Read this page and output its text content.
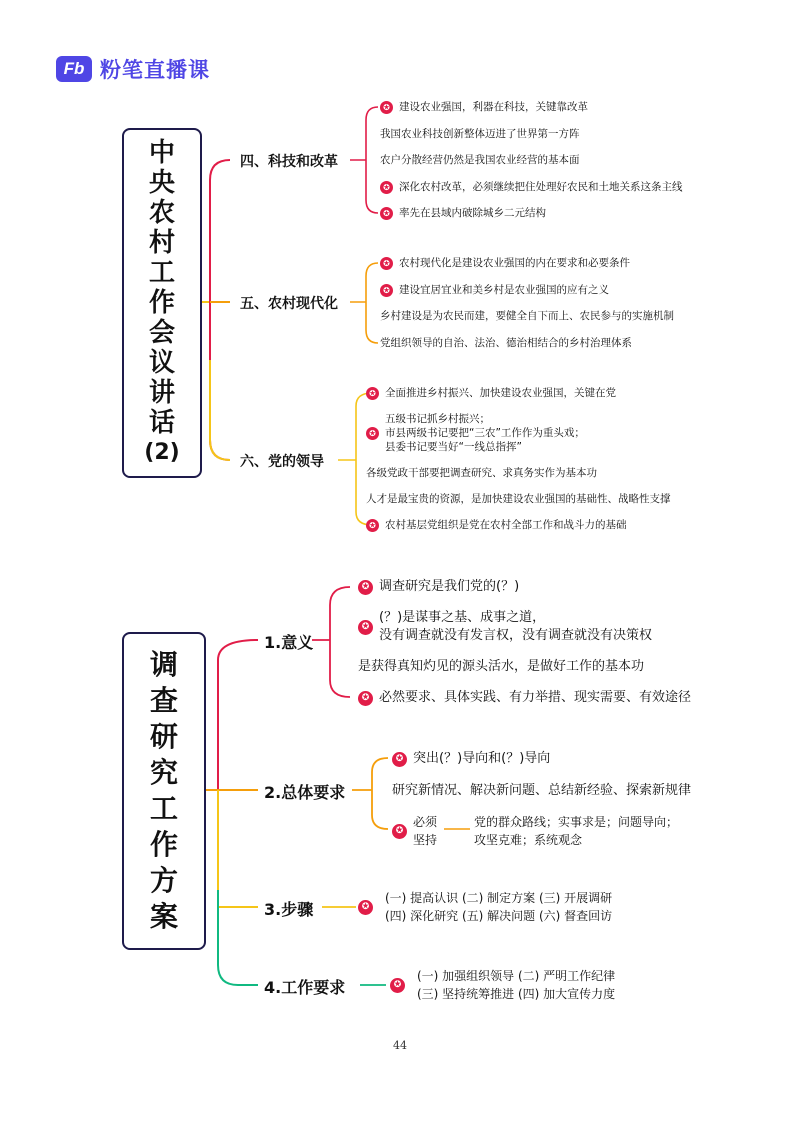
Fb 粉笔直播课
中
央
农
村
工
作
会
议
讲
话
(2)
四、科技和改革
五、农村现代化
六、党的领导
✪ 建设农业强国，利器在科技，关键靠改革
我国农业科技创新整体迈进了世界第一方阵
农户分散经营仍然是我国农业经营的基本面
✪ 深化农村改革，必须继续把住处理好农民和土地关系这条主线
✪ 率先在县域内破除城乡二元结构
✪ 农村现代化是建设农业强国的内在要求和必要条件
✪ 建设宜居宜业和美乡村是农业强国的应有之义
乡村建设是为农民而建，要健全自下而上、农民参与的实施机制
党组织领导的自治、法治、德治相结合的乡村治理体系
✪ 全面推进乡村振兴、加快建设农业强国，关键在党
✪
五级书记抓乡村振兴；
市县两级书记要把“三农”工作作为重头戏；
县委书记要当好“一线总指挥”
各级党政干部要把调查研究、求真务实作为基本功
人才是最宝贵的资源，是加快建设农业强国的基础性、战略性支撑
✪ 农村基层党组织是党在农村全部工作和战斗力的基础
调
查
研
究
工
作
方
案
1.意义
2.总体要求
3.步骤
4.工作要求
✪ 调查研究是我们党的(？)
✪
(？)是谋事之基、成事之道，
没有调查就没有发言权，没有调查就没有决策权
是获得真知灼见的源头活水，是做好工作的基本功
✪ 必然要求、具体实践、有力举措、现实需要、有效途径
✪ 突出(？)导向和(？)导向
研究新情况、解决新问题、总结新经验、探索新规律
✪
必须
坚持
党的群众路线；实事求是；问题导向；
攻坚克难；系统观念
✪
(一) 提高认识 (二) 制定方案 (三) 开展调研
(四) 深化研究 (五) 解决问题 (六) 督查回访
✪
(一) 加强组织领导 (二) 严明工作纪律
(三) 坚持统筹推进 (四) 加大宣传力度
44
